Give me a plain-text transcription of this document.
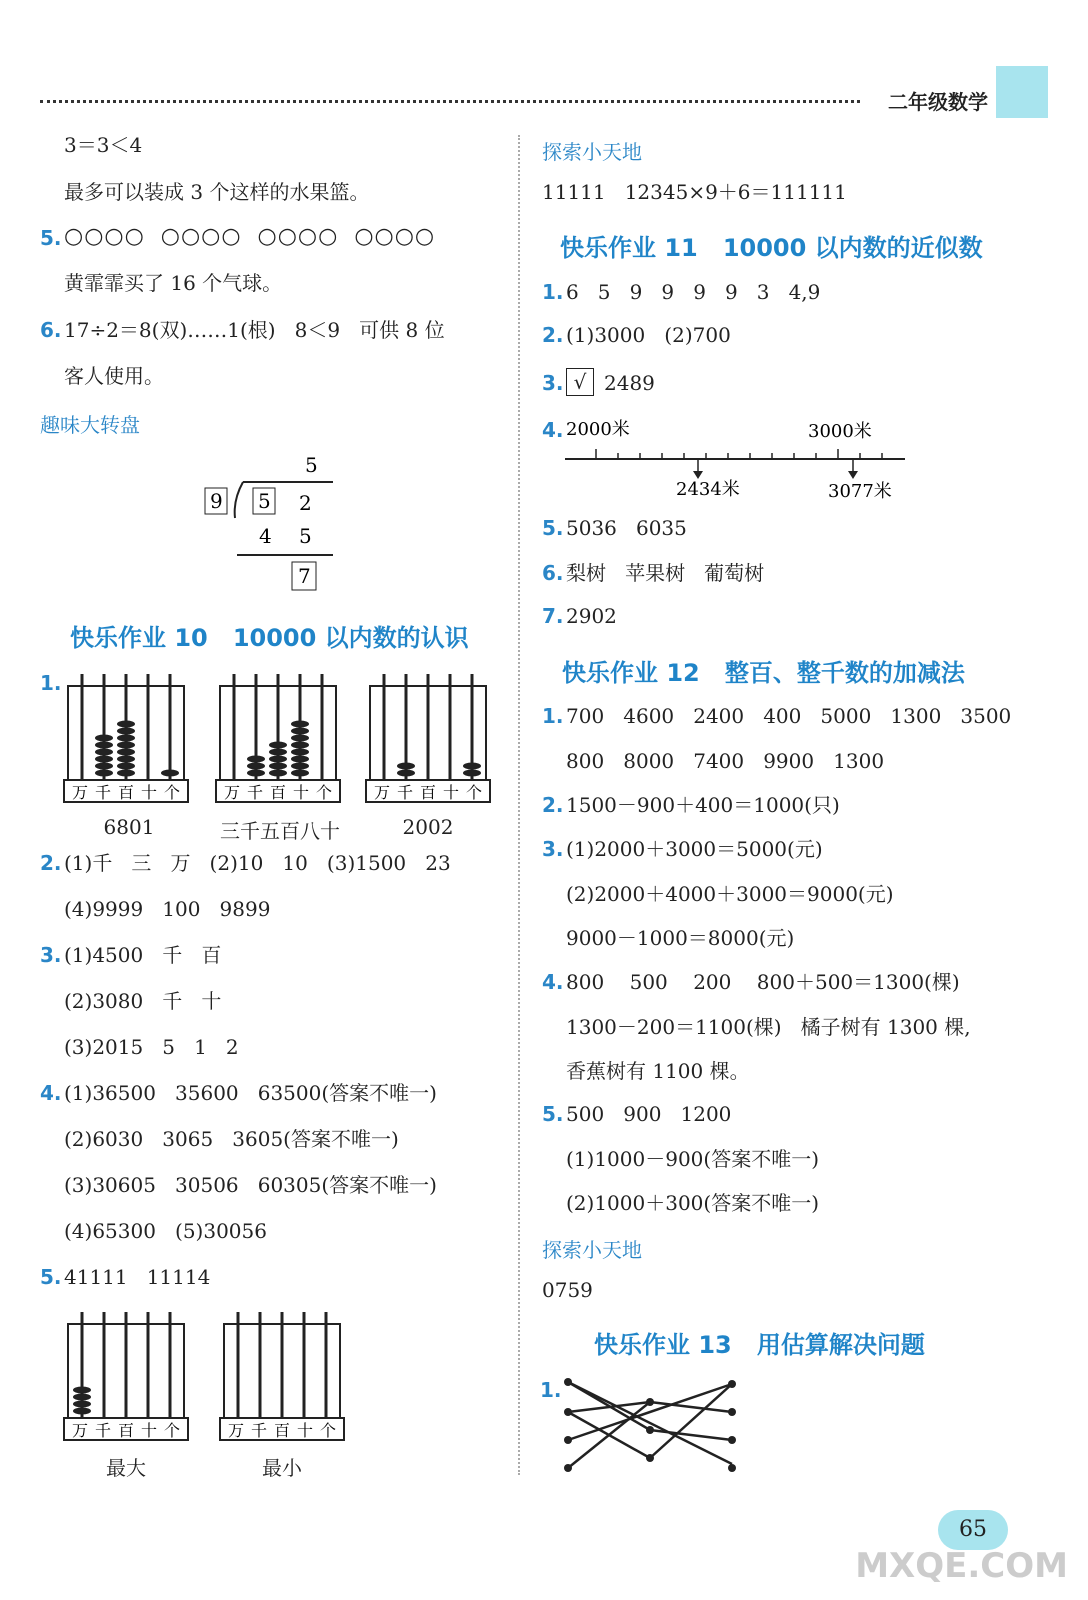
二年级数学
3＝3＜4
最多可以装成 3 个这样的水果篮。
5. ○○○○  ○○○○  ○○○○  ○○○○
黄霏霏买了 16 个气球。
6. 17÷2＝8(双)……1(根)   8＜9   可供 8 位
客人使用。
趣味大转盘
5
9 5 2
4 5
7
快乐作业 10   10000 以内数的认识
1.
万千百十个 万千百十个 万千百十个
6801	三千五百八十	2002
2. (1)千   三   万   (2)10   10   (3)1500   23
(4)9999   100   9899
3. (1)4500   千   百
(2)3080   千   十
(3)2015   5   1   2
4. (1)36500   35600   63500(答案不唯一)
(2)6030   3065   3605(答案不唯一)
(3)30605   30506   60305(答案不唯一)
(4)65300   (5)30056
5. 41111   11114
万千百十个	万千百十个
最大	最小
探索小天地
11111   12345×9＋6＝111111
快乐作业 11   10000 以内数的近似数
1. 6   5   9   9   9   9   3   4,9
2. (1)3000   (2)700
3. √ 2489
4. 2000米	3000米
2434米	3077米
5. 5036   6035
6. 梨树   苹果树   葡萄树
7. 2902
快乐作业 12   整百、整千数的加减法
1. 700   4600   2400   400   5000   1300   3500
800   8000   7400   9900   1300
2. 1500－900＋400＝1000(只)
3. (1)2000＋3000＝5000(元)
(2)2000＋4000＋3000＝9000(元)
9000－1000＝8000(元)
4. 800    500    200    800＋500＝1300(棵)
1300－200＝1100(棵)   橘子树有 1300 棵,
香蕉树有 1100 棵。
5. 500   900   1200
(1)1000－900(答案不唯一)
(2)1000＋300(答案不唯一)
探索小天地
0759
快乐作业 13   用估算解决问题
1.
65
MXQE.COM
